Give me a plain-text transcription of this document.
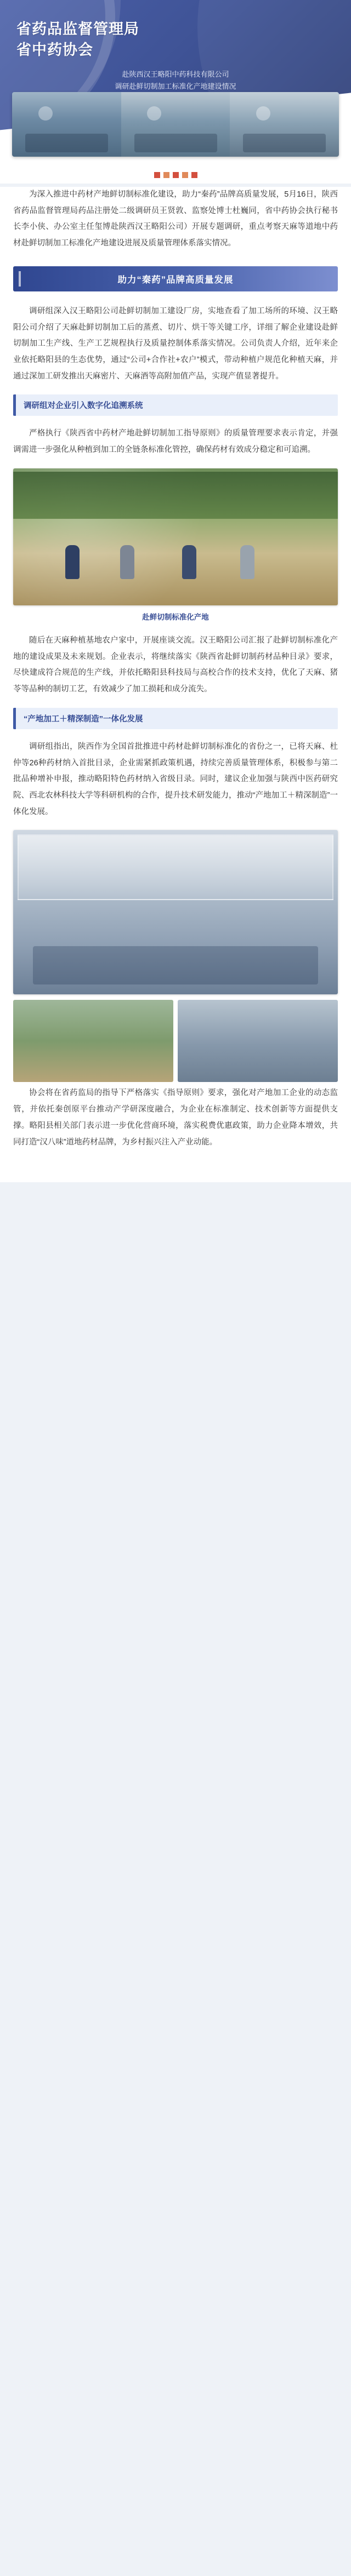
省药品监督管理局
省中药协会
赴陕西汉王略阳中药科技有限公司
调研赴鲜切制加工标准化产地建设情况

为深入推进中药材产地鲜切制标准化建设，助力“秦药”品牌高质量发展，5月16日，陕西省药品监督管理局药品注册处二级调研员王贤敦、监察处博士杜巍同，省中药协会执行秘书长李小侠、办公室主任玺博赴陕西汉王略阳公司）开展专题调研，重点考察天麻等道地中药材赴鲜切制加工标准化产地建设进展及质量管理体系落实情况。

助力“秦药”品牌高质量发展

调研组深入汉王略阳公司赴鲜切制加工建设厂房，实地查看了加工场所的环境、汉王略阳公司介绍了天麻赴鲜切制加工后的蒸煮、切片、烘干等关键工序，详细了解企业建设赴鲜切制加工生产线、生产工艺规程执行及质量控制体系落实情况。公司负责人介绍，近年来企业依托略阳县的生态优势，通过“公司+合作社+农户”模式，带动种植户规范化种植天麻，并通过深加工研发推出天麻密片、天麻酒等高附加值产品，实现产值显著提升。

调研组对企业引入数字化追溯系统

严格执行《陕西省中药材产地赴鲜切制加工指导原则》的质量管理要求表示肯定，并强调需进一步强化从种植到加工的全链条标准化管控，确保药材有效成分稳定和可追溯。

赴鲜切制标准化产地

随后在天麻种植基地农户家中，开展座谈交流。汉王略阳公司汇报了赴鲜切制标准化产地的建设成果及未来规划。企业表示，将继续落实《陕西省赴鲜切制药材品种目录》要求，尽快建成符合规范的生产线，并依托略阳县科技局与高校合作的技术支持，优化了天麻、猪苓等品种的制切工艺，有效减少了加工损耗和成分流失。

“产地加工＋精深制造”一体化发展

调研组指出，陕西作为全国首批推进中药材赴鲜切制标准化的省份之一，已将天麻、杜仲等26种药材纳入首批目录，企业需紧抓政策机遇，持续完善质量管理体系，积极参与第二批品种增补申报，推动略阳特色药材纳入省级目录。同时，建议企业加强与陕西中医药研究院、西北农林科技大学等科研机构的合作，提升技术研发能力，推动“产地加工＋精深制造”一体化发展。

协会将在省药监局的指导下严格落实《指导原则》要求，强化对产地加工企业的动态监管，并依托秦创原平台推动产学研深度融合，为企业在标准制定、技术创新等方面提供支撑。略阳县相关部门表示进一步优化营商环境，落实税费优惠政策，助力企业降本增效，共同打造“汉八味”道地药材品牌，为乡村振兴注入产业动能。
